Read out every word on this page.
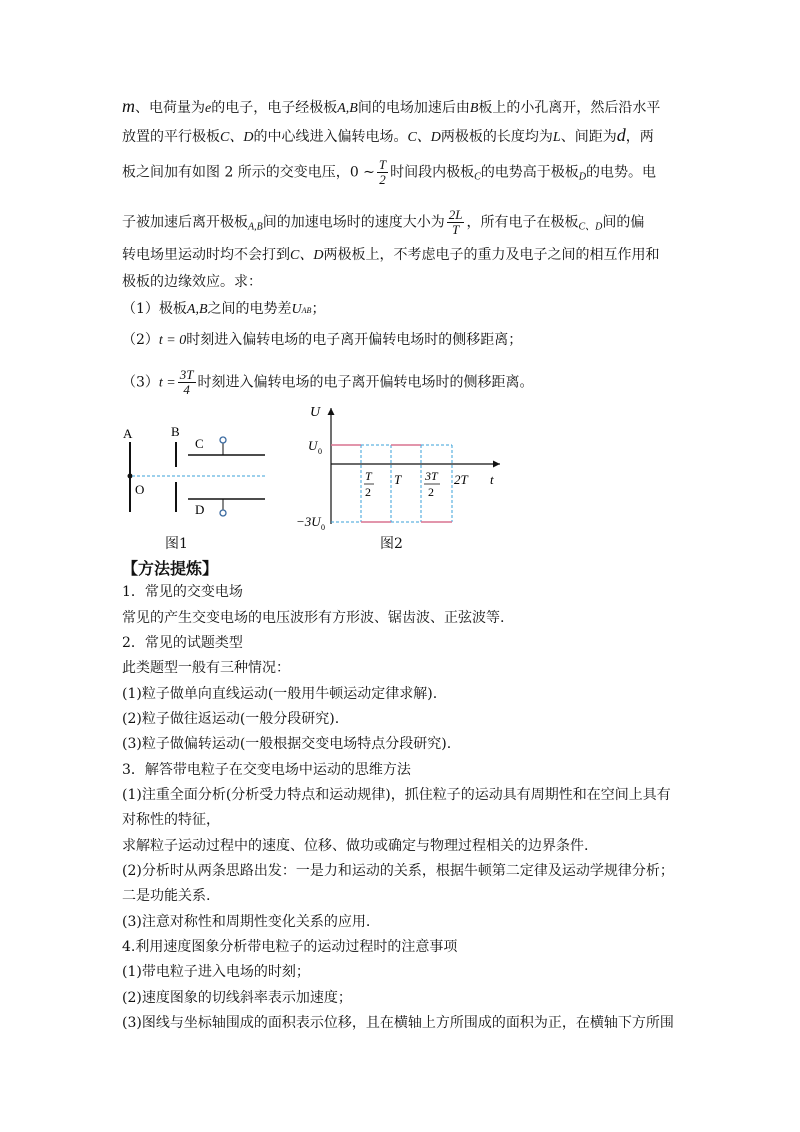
m、电荷量为e的电子，电子经极板A,B间的电场加速后由B板上的小孔离开，然后沿水平
放置的平行极板C、D的中心线进入偏转电场。C、D两极板的长度均为L、间距为d，两
板之间加有如图 2 所示的交变电压，0 ~ $\frac{T}{2}$ 时间段内极板$_C$的电势高于极板$_D$的电势。电
子被加速后离开极板$_{A,B}$间的加速电场时的速度大小为 $\frac{2L}{T}$ ，所有电子在极板$_{C、D}$间的偏
转电场里运动时均不会打到C、D两极板上，不考虑电子的重力及电子之间的相互作用和
极板的边缘效应。求：
（1）极板A,B之间的电势差UAB；
（2）t = 0时刻进入偏转电场的电子离开偏转电场时的侧移距离；
$(3)t = \frac{3T}{4}$ 时刻进入偏转电场的电子离开偏转电场时的侧移距离。
A	B
C
O
D
图1
U
U 0
T
2
T 3T
2
2T t
−3U 0
图2
【方法提炼】
1．常见的交变电场
常见的产生交变电场的电压波形有方形波、锯齿波、正弦波等.
2．常见的试题类型
此类题型一般有三种情况：
(1)粒子做单向直线运动(一般用牛顿运动定律求解).
(2)粒子做往返运动(一般分段研究).
(3)粒子做偏转运动(一般根据交变电场特点分段研究).
3．解答带电粒子在交变电场中运动的思维方法
(1)注重全面分析(分析受力特点和运动规律)，抓住粒子的运动具有周期性和在空间上具有
对称性的特征，
求解粒子运动过程中的速度、位移、做功或确定与物理过程相关的边界条件.
(2)分析时从两条思路出发：一是力和运动的关系，根据牛顿第二定律及运动学规律分析；
二是功能关系.
(3)注意对称性和周期性变化关系的应用.
4.利用速度图象分析带电粒子的运动过程时的注意事项
(1)带电粒子进入电场的时刻；
(2)速度图象的切线斜率表示加速度；
(3)图线与坐标轴围成的面积表示位移，且在横轴上方所围成的面积为正，在横轴下方所围
